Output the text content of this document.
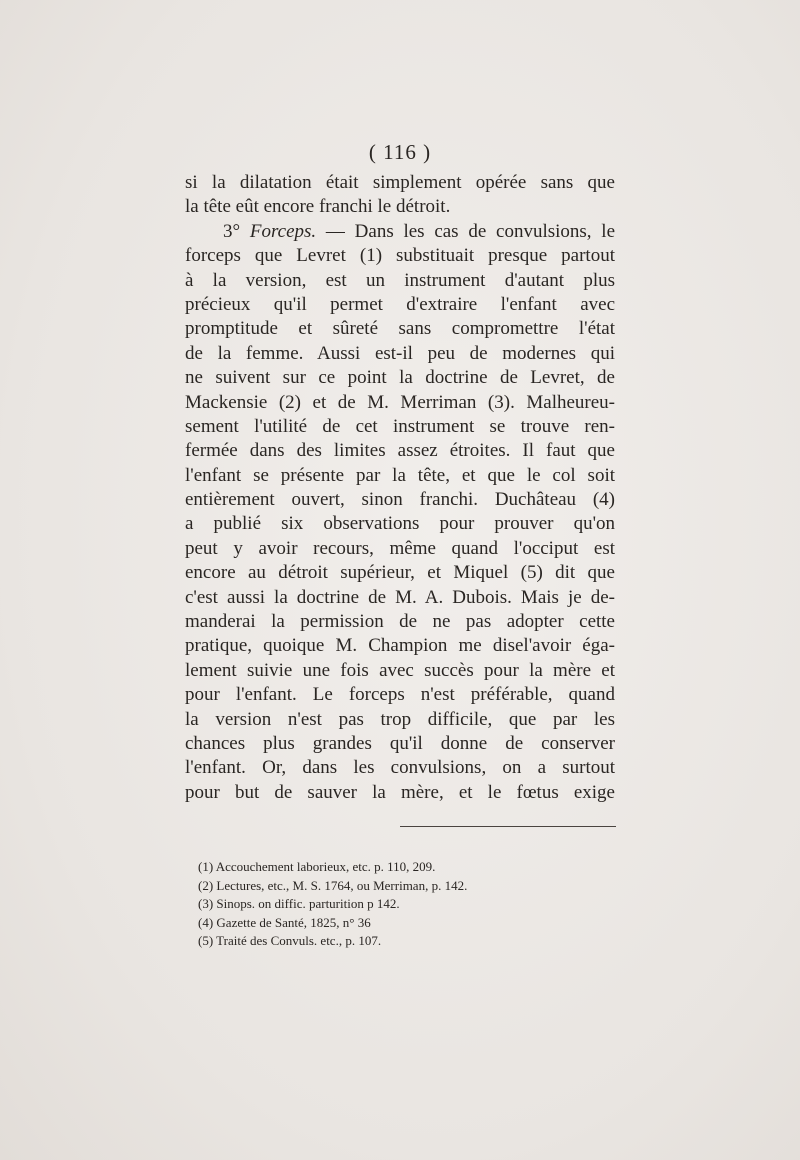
( 116 )
si la dilatation était simplement opérée sans que
la tête eût encore franchi le détroit.
3° Forceps. — Dans les cas de convulsions, le
forceps que Levret (1) substituait presque partout
à la version, est un instrument d'autant plus
précieux qu'il permet d'extraire l'enfant avec
promptitude et sûreté sans compromettre l'état
de la femme. Aussi est-il peu de modernes qui
ne suivent sur ce point la doctrine de Levret, de
Mackensie (2) et de M. Merriman (3). Malheureu-
sement l'utilité de cet instrument se trouve ren-
fermée dans des limites assez étroites. Il faut que
l'enfant se présente par la tête, et que le col soit
entièrement ouvert, sinon franchi. Duchâteau (4)
a publié six observations pour prouver qu'on
peut y avoir recours, même quand l'occiput est
encore au détroit supérieur, et Miquel (5) dit que
c'est aussi la doctrine de M. A. Dubois. Mais je de-
manderai la permission de ne pas adopter cette
pratique, quoique M. Champion me disel'avoir éga-
lement suivie une fois avec succès pour la mère et
pour l'enfant. Le forceps n'est préférable, quand
la version n'est pas trop difficile, que par les
chances plus grandes qu'il donne de conserver
l'enfant. Or, dans les convulsions, on a surtout
pour but de sauver la mère, et le fœtus exige
(1) Accouchement laborieux, etc. p. 110, 209.
(2) Lectures, etc., M. S. 1764, ou Merriman, p. 142.
(3) Sinops. on diffic. parturition p 142.
(4) Gazette de Santé, 1825, n° 36
(5) Traité des Convuls. etc., p. 107.
